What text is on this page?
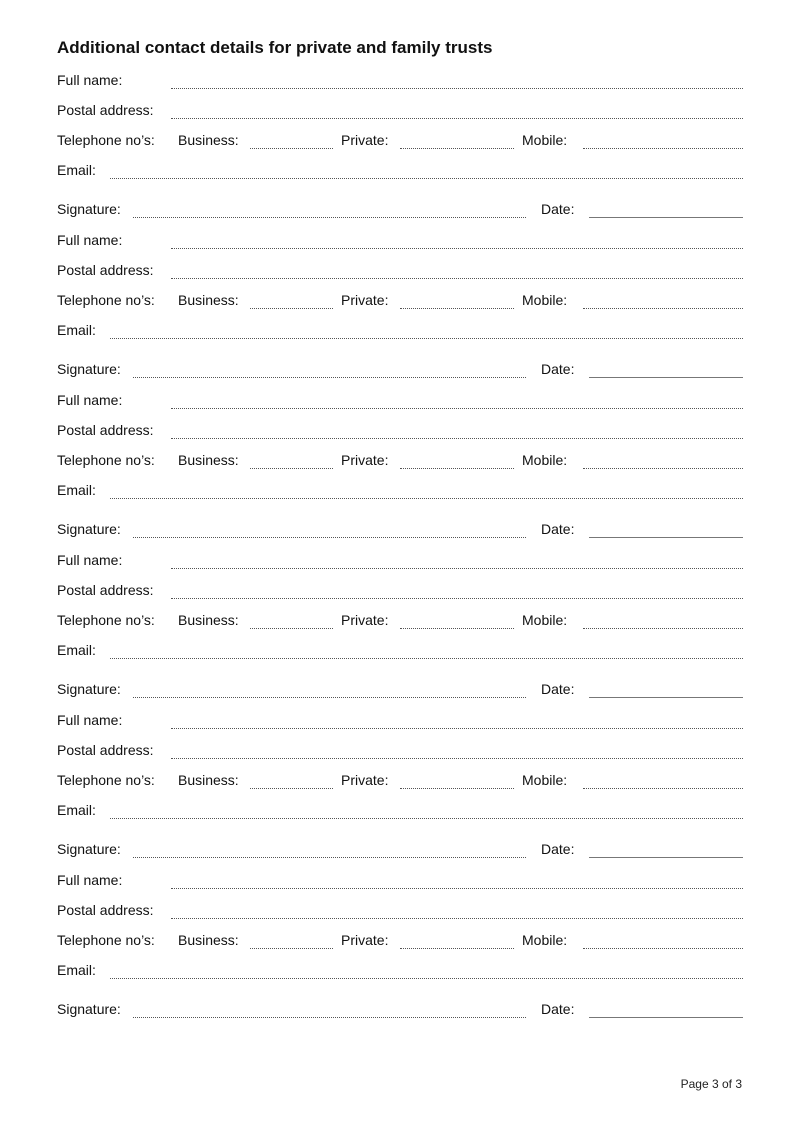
Additional contact details for private and family trusts
Full name:
Postal address:
Telephone no’s: Business:	Private:	Mobile:
Email:
Signature:	Date:
Full name:
Postal address:
Telephone no’s: Business:	Private:	Mobile:
Email:
Signature:	Date:
Full name:
Postal address:
Telephone no’s: Business:	Private:	Mobile:
Email:
Signature:	Date:
Full name:
Postal address:
Telephone no’s: Business:	Private:	Mobile:
Email:
Signature:	Date:
Full name:
Postal address:
Telephone no’s: Business:	Private:	Mobile:
Email:
Signature:	Date:
Full name:
Postal address:
Telephone no’s: Business:	Private:	Mobile:
Email:
Signature:	Date:
Page 3 of 3
